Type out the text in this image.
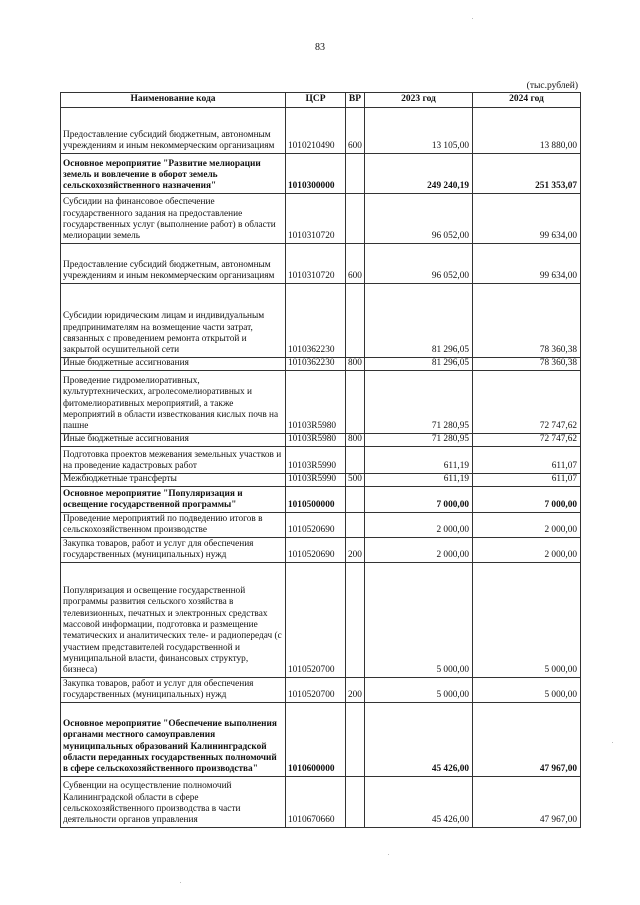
83
(тыс.рублей)
Наименование кода	ЦСР	ВР	2023 год	2024 год
Предоставление субсидий бюджетным, автономным учреждениям и иным некоммерческим организациям	1010210490	600	13 105,00	13 880,00
Основное мероприятие "Развитие мелиорации земель и вовлечение в оборот земель сельскохозяйственного назначения"	1010300000		249 240,19	251 353,07
Субсидии на финансовое обеспечение государственного задания на предоставление государственных услуг (выполнение работ) в области мелиорации земель	1010310720		96 052,00	99 634,00
Предоставление субсидий бюджетным, автономным учреждениям и иным некоммерческим организациям	1010310720	600	96 052,00	99 634,00
Субсидии юридическим лицам и индивидуальным предпринимателям на возмещение части затрат, связанных с проведением ремонта открытой и закрытой осушительной сети	1010362230		81 296,05	78 360,38
Иные бюджетные ассигнования	1010362230	800	81 296,05	78 360,38
Проведение гидромелиоративных, культуртехнических, агролесомелиоративных и фитомелиоративных мероприятий, а также мероприятий в области известкования кислых почв на пашне	10103R5980		71 280,95	72 747,62
Иные бюджетные ассигнования	10103R5980	800	71 280,95	72 747,62
Подготовка проектов межевания земельных участков и на проведение кадастровых работ	10103R5990		611,19	611,07
Межбюджетные трансферты	10103R5990	500	611,19	611,07
Основное мероприятие "Популяризация и освещение государственной программы"	1010500000		7 000,00	7 000,00
Проведение мероприятий по подведению итогов в сельскохозяйственном производстве	1010520690		2 000,00	2 000,00
Закупка товаров, работ и услуг для обеспечения государственных (муниципальных) нужд	1010520690	200	2 000,00	2 000,00
Популяризация и освещение государственной программы развития сельского хозяйства в телевизионных, печатных и электронных средствах массовой информации, подготовка и размещение тематических и аналитических теле- и радиопередач (с участием представителей государственной и муниципальной власти, финансовых структур, бизнеса)	1010520700		5 000,00	5 000,00
Закупка товаров, работ и услуг для обеспечения государственных (муниципальных) нужд	1010520700	200	5 000,00	5 000,00
Основное мероприятие "Обеспечение выполнения органами местного самоуправления муниципальных образований Калининградской области переданных государственных полномочий в сфере сельскохозяйственного производства"	1010600000		45 426,00	47 967,00
Субвенции на осуществление полномочий Калининградской области в сфере сельскохозяйственного производства в части деятельности органов управления	1010670660		45 426,00	47 967,00
